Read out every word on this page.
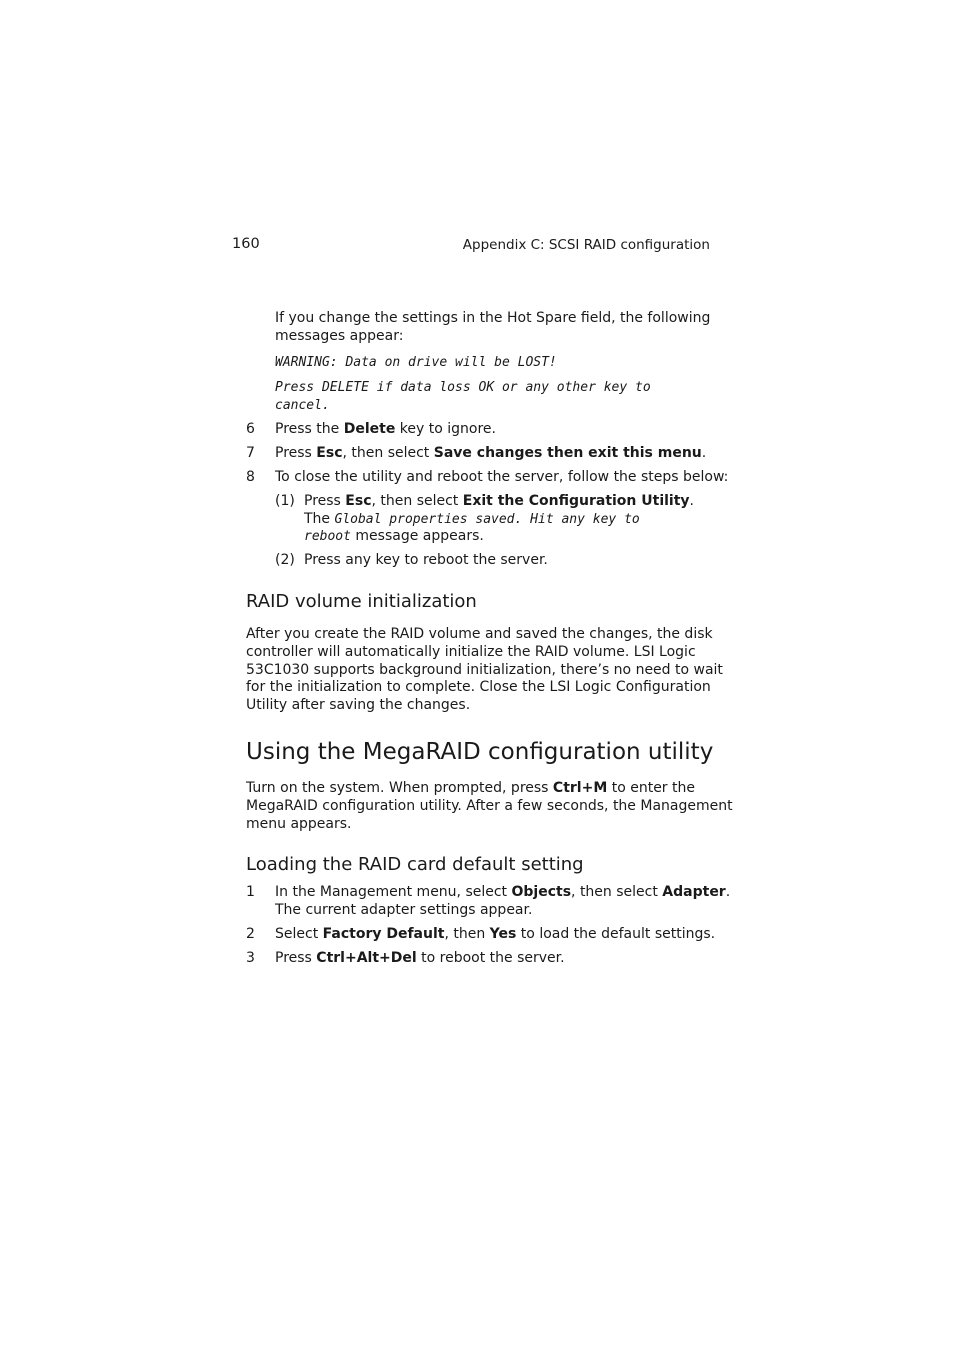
160	Appendix C: SCSI RAID configuration
If you change the settings in the Hot Spare field, the following messages appear:
WARNING: Data on drive will be LOST!
Press DELETE if data loss OK or any other key to
cancel.
6 Press the Delete key to ignore.
7 Press Esc, then select Save changes then exit this menu.
8 To close the utility and reboot the server, follow the steps below:
(1) Press Esc, then select Exit the Configuration Utility.
The Global properties saved. Hit any key to
reboot message appears.
(2) Press any key to reboot the server.
RAID volume initialization
After you create the RAID volume and saved the changes, the disk
controller will automatically initialize the RAID volume. LSI Logic
53C1030 supports background initialization, there’s no need to wait
for the initialization to complete. Close the LSI Logic Configuration
Utility after saving the changes.
Using the MegaRAID configuration utility
Turn on the system. When prompted, press Ctrl+M to enter the
MegaRAID configuration utility. After a few seconds, the Management
menu appears.
Loading the RAID card default setting
1 In the Management menu, select Objects, then select Adapter.
The current adapter settings appear.
2 Select Factory Default, then Yes to load the default settings.
3 Press Ctrl+Alt+Del to reboot the server.
